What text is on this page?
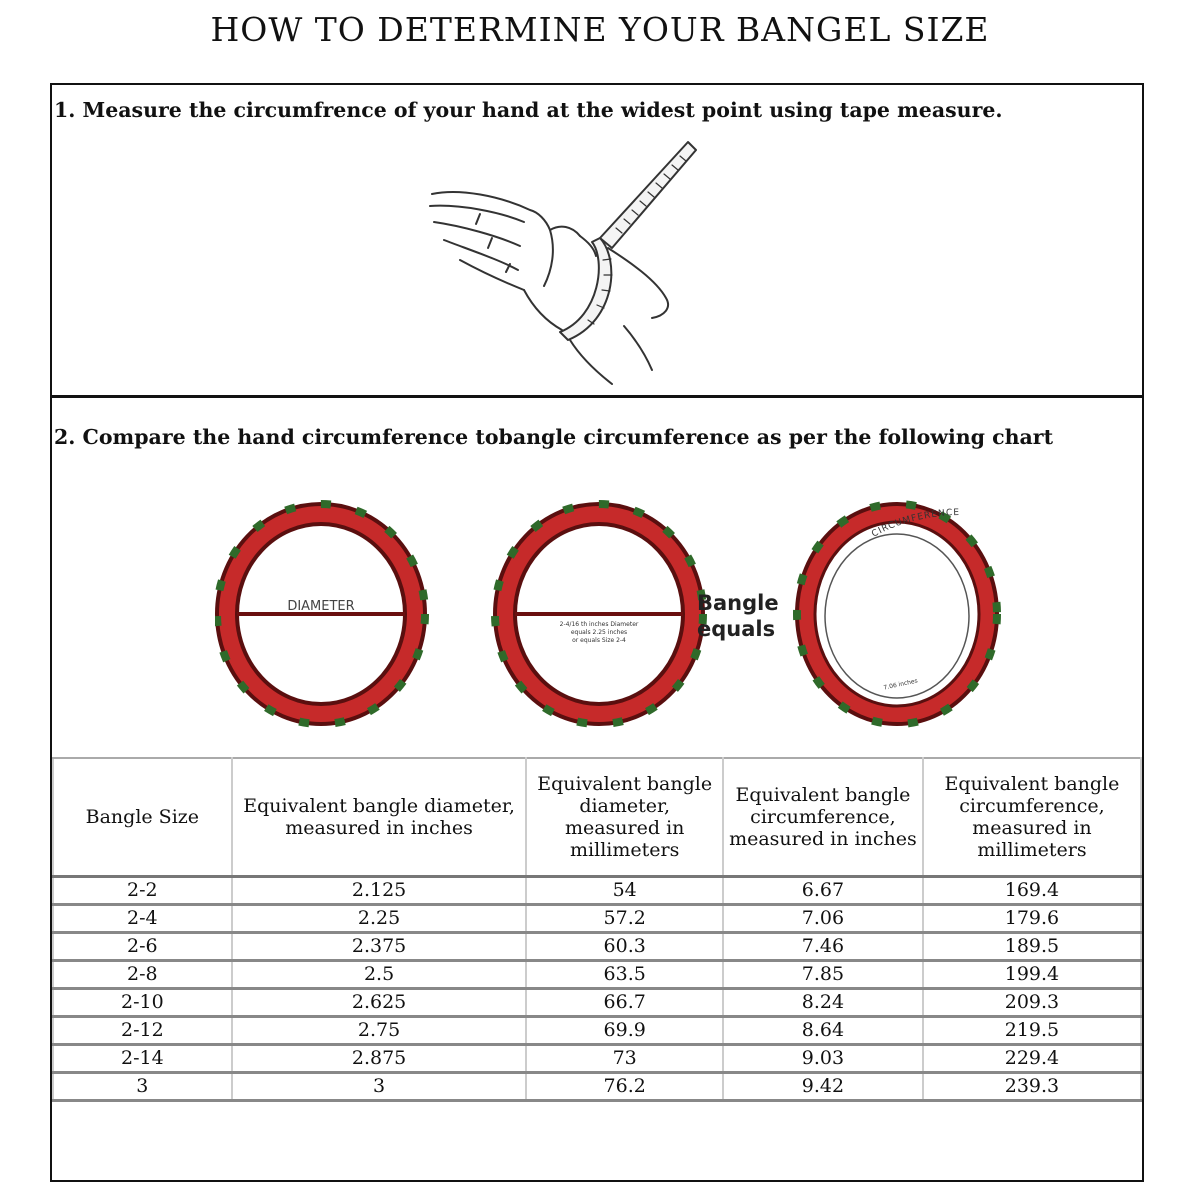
HOW TO DETERMINE YOUR BANGEL SIZE
1. Measure the circumfrence of your hand at the widest point using tape measure.
2. Compare the hand circumference tobangle circumference as per the following chart
DIAMETER
2-4/16 th inches Diameter
equals 2.25 inches
or equals Size 2-4
CIRCUMFERENCE
7.06 inches
Bangle
equals
Bangle Size	Equivalent bangle diameter, measured in inches	Equivalent bangle diameter, measured in millimeters	Equivalent bangle circumference, measured in inches	Equivalent bangle circumference, measured in millimeters
2-2	2.125	54	6.67	169.4
2-4	2.25	57.2	7.06	179.6
2-6	2.375	60.3	7.46	189.5
2-8	2.5	63.5	7.85	199.4
2-10	2.625	66.7	8.24	209.3
2-12	2.75	69.9	8.64	219.5
2-14	2.875	73	9.03	229.4
3	3	76.2	9.42	239.3
